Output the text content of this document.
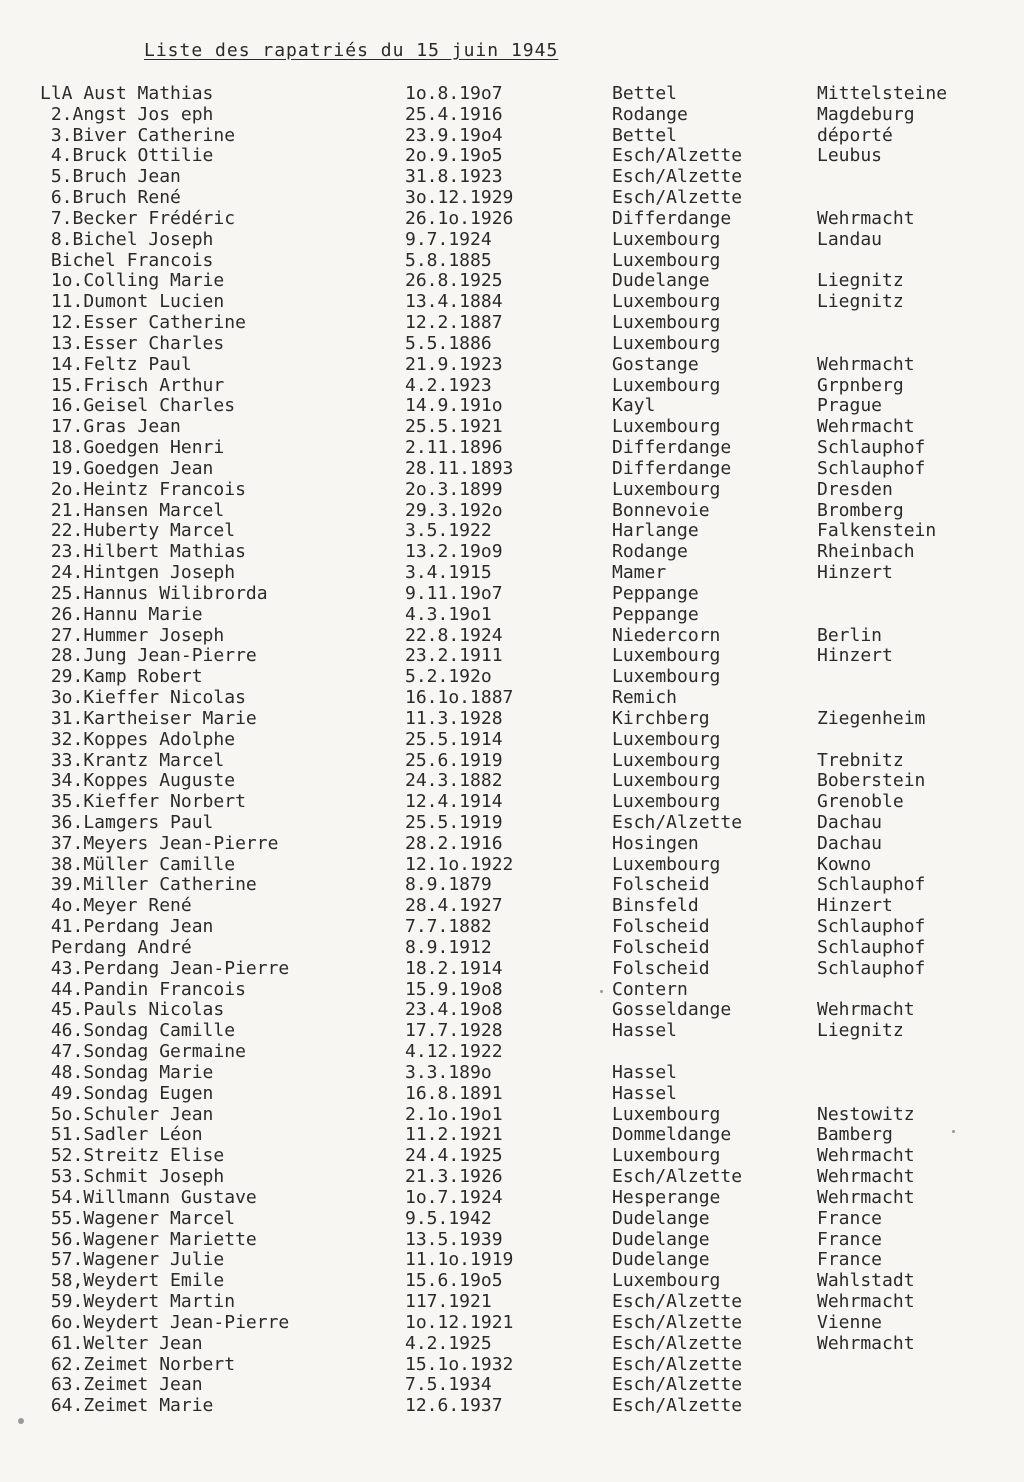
Liste des rapatriés du 15 juin 1945
LlA Aust Mathias	1o.8.19o7	Bettel	Mittelsteine
2.Angst Jos eph	25.4.1916	Rodange	Magdeburg
3.Biver Catherine	23.9.19o4	Bettel	déporté
4.Bruck Ottilie	2o.9.19o5	Esch/Alzette	Leubus
5.Bruch Jean	31.8.1923	Esch/Alzette
6.Bruch René	3o.12.1929	Esch/Alzette
7.Becker Frédéric	26.1o.1926	Differdange	Wehrmacht
8.Bichel Joseph	9.7.1924	Luxembourg	Landau
Bichel Francois	5.8.1885	Luxembourg
1o.Colling Marie	26.8.1925	Dudelange	Liegnitz
11.Dumont Lucien	13.4.1884	Luxembourg	Liegnitz
12.Esser Catherine	12.2.1887	Luxembourg
13.Esser Charles	5.5.1886	Luxembourg
14.Feltz Paul	21.9.1923	Gostange	Wehrmacht
15.Frisch Arthur	4.2.1923	Luxembourg	Grpnberg
16.Geisel Charles	14.9.191o	Kayl	Prague
17.Gras Jean	25.5.1921	Luxembourg	Wehrmacht
18.Goedgen Henri	2.11.1896	Differdange	Schlauphof
19.Goedgen Jean	28.11.1893	Differdange	Schlauphof
2o.Heintz Francois	2o.3.1899	Luxembourg	Dresden
21.Hansen Marcel	29.3.192o	Bonnevoie	Bromberg
22.Huberty Marcel	3.5.1922	Harlange	Falkenstein
23.Hilbert Mathias	13.2.19o9	Rodange	Rheinbach
24.Hintgen Joseph	3.4.1915	Mamer	Hinzert
25.Hannus Wilibrorda	9.11.19o7	Peppange
26.Hannu Marie	4.3.19o1	Peppange
27.Hummer Joseph	22.8.1924	Niedercorn	Berlin
28.Jung Jean-Pierre	23.2.1911	Luxembourg	Hinzert
29.Kamp Robert	5.2.192o	Luxembourg
3o.Kieffer Nicolas	16.1o.1887	Remich
31.Kartheiser Marie	11.3.1928	Kirchberg	Ziegenheim
32.Koppes Adolphe	25.5.1914	Luxembourg
33.Krantz Marcel	25.6.1919	Luxembourg	Trebnitz
34.Koppes Auguste	24.3.1882	Luxembourg	Boberstein
35.Kieffer Norbert	12.4.1914	Luxembourg	Grenoble
36.Lamgers Paul	25.5.1919	Esch/Alzette	Dachau
37.Meyers Jean-Pierre	28.2.1916	Hosingen	Dachau
38.Müller Camille	12.1o.1922	Luxembourg	Kowno
39.Miller Catherine	8.9.1879	Folscheid	Schlauphof
4o.Meyer René	28.4.1927	Binsfeld	Hinzert
41.Perdang Jean	7.7.1882	Folscheid	Schlauphof
Perdang André	8.9.1912	Folscheid	Schlauphof
43.Perdang Jean-Pierre	18.2.1914	Folscheid	Schlauphof
44.Pandin Francois	15.9.19o8	Contern
45.Pauls Nicolas	23.4.19o8	Gosseldange	Wehrmacht
46.Sondag Camille	17.7.1928	Hassel	Liegnitz
47.Sondag Germaine	4.12.1922
48.Sondag Marie	3.3.189o	Hassel
49.Sondag Eugen	16.8.1891	Hassel
5o.Schuler Jean	2.1o.19o1	Luxembourg	Nestowitz
51.Sadler Léon	11.2.1921	Dommeldange	Bamberg
52.Streitz Elise	24.4.1925	Luxembourg	Wehrmacht
53.Schmit Joseph	21.3.1926	Esch/Alzette	Wehrmacht
54.Willmann Gustave	1o.7.1924	Hesperange	Wehrmacht
55.Wagener Marcel	9.5.1942	Dudelange	France
56.Wagener Mariette	13.5.1939	Dudelange	France
57.Wagener Julie	11.1o.1919	Dudelange	France
58,Weydert Emile	15.6.19o5	Luxembourg	Wahlstadt
59.Weydert Martin	117.1921	Esch/Alzette	Wehrmacht
6o.Weydert Jean-Pierre	1o.12.1921	Esch/Alzette	Vienne
61.Welter Jean	4.2.1925	Esch/Alzette	Wehrmacht
62.Zeimet Norbert	15.1o.1932	Esch/Alzette
63.Zeimet Jean	7.5.1934	Esch/Alzette
64.Zeimet Marie	12.6.1937	Esch/Alzette
